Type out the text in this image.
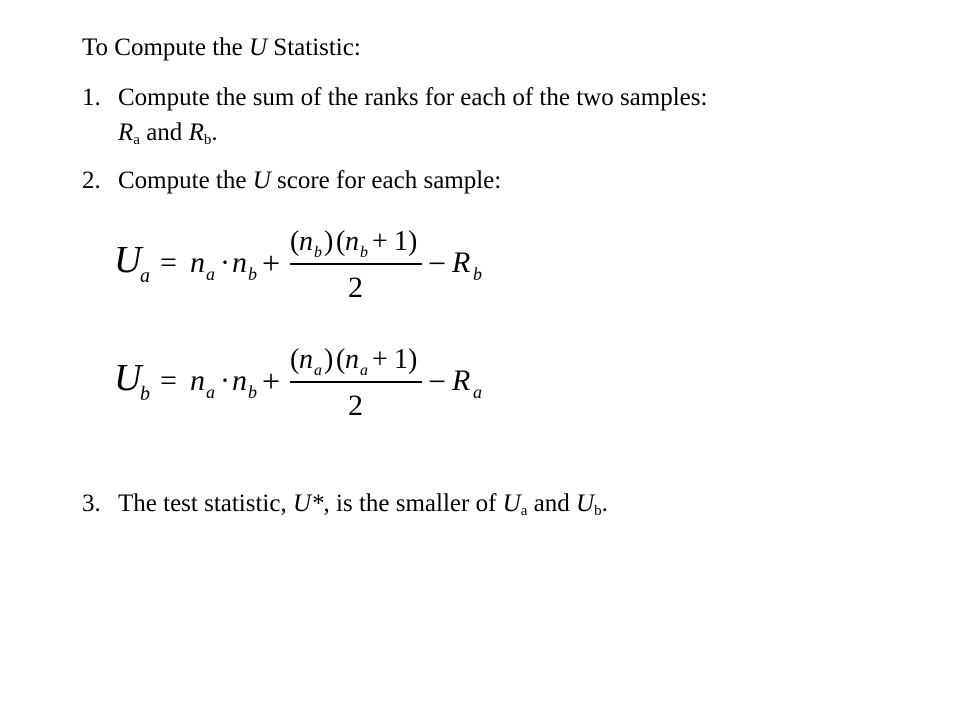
To Compute the U Statistic:
1. Compute the sum of the ranks for each of the two samples:
$R_a$ and $R_b$.
2. Compute the U score for each sample:
U
a = n a · n b +
( n b ) ( n b + 1 )
2
− R b
U
b = n a · n b +
( n a ) ( n a + 1 )
2
− R a
3. The test statistic, U*, is the smaller of $U_a$ and $U_b$.
